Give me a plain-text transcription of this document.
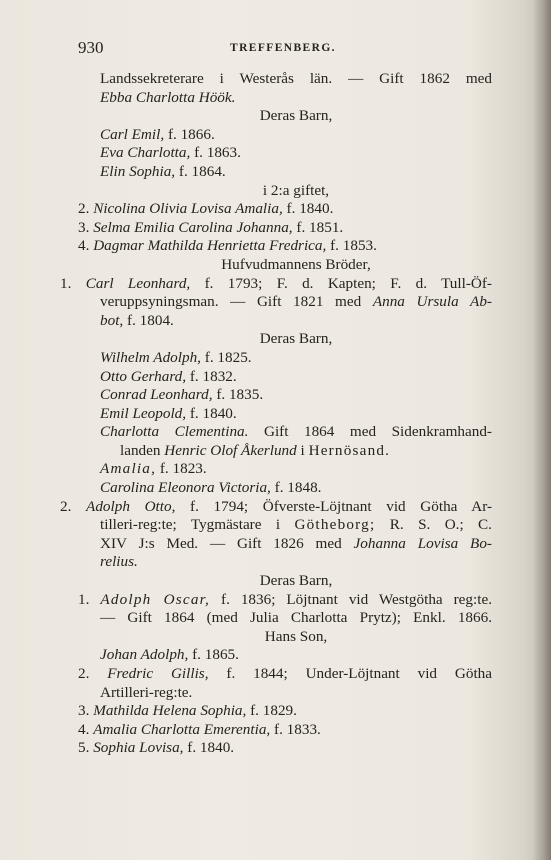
930	TREFFENBERG.
Landssekreterare i Westerås län. — Gift 1862 med
Ebba Charlotta Höök.
Deras Barn,
Carl Emil, f. 1866.
Eva Charlotta, f. 1863.
Elin Sophia, f. 1864.
i 2:a giftet,
2. Nicolina Olivia Lovisa Amalia, f. 1840.
3. Selma Emilia Carolina Johanna, f. 1851.
4. Dagmar Mathilda Henrietta Fredrica, f. 1853.
Hufvudmannens Bröder,
1. Carl Leonhard, f. 1793; F. d. Kapten; F. d. Tull-Öf-
veruppsyningsman. — Gift 1821 med Anna Ursula Ab-
bot, f. 1804.
Deras Barn,
Wilhelm Adolph, f. 1825.
Otto Gerhard, f. 1832.
Conrad Leonhard, f. 1835.
Emil Leopold, f. 1840.
Charlotta Clementina. Gift 1864 med Sidenkramhand-
landen Henric Olof Åkerlund i Hernösand.
Amalia, f. 1823.
Carolina Eleonora Victoria, f. 1848.
2. Adolph Otto, f. 1794; Öfverste-Löjtnant vid Götha Ar-
tilleri-reg:te; Tygmästare i Götheborg; R. S. O.; C.
XIV J:s Med. — Gift 1826 med Johanna Lovisa Bo-
relius.
Deras Barn,
1. Adolph Oscar, f. 1836; Löjtnant vid Westgötha reg:te.
— Gift 1864 (med Julia Charlotta Prytz); Enkl. 1866.
Hans Son,
Johan Adolph, f. 1865.
2. Fredric Gillis, f. 1844; Under-Löjtnant vid Götha
Artilleri-reg:te.
3. Mathilda Helena Sophia, f. 1829.
4. Amalia Charlotta Emerentia, f. 1833.
5. Sophia Lovisa, f. 1840.
